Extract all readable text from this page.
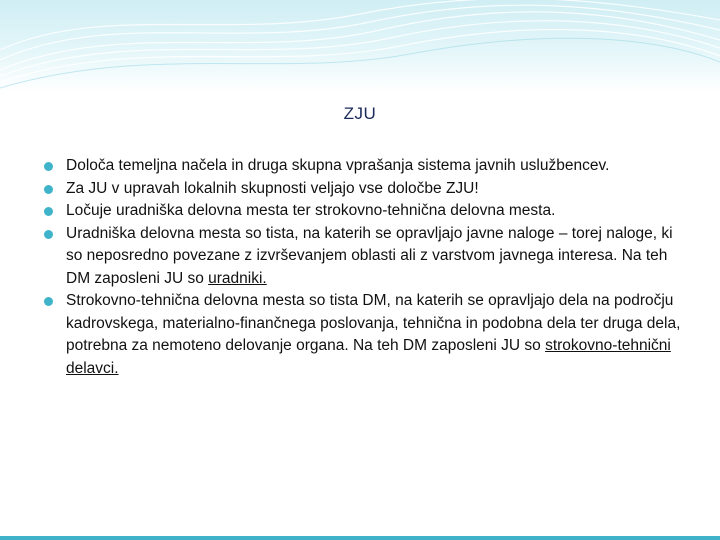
ZJU
Določa temeljna načela in druga skupna vprašanja sistema javnih uslužbencev.
Za JU v upravah lokalnih skupnosti veljajo vse določbe ZJU!
Ločuje uradniška delovna mesta ter strokovno-tehnična delovna mesta.
Uradniška delovna mesta so tista, na katerih se opravljajo javne naloge – torej naloge, ki so neposredno povezane z izvrševanjem oblasti ali z varstvom javnega interesa. Na teh DM zaposleni JU so uradniki.
Strokovno-tehnična delovna mesta so tista DM, na katerih se opravljajo dela na področju kadrovskega, materialno-finančnega poslovanja, tehnična in podobna dela ter druga dela, potrebna za nemoteno delovanje organa. Na teh DM zaposleni JU so strokovno-tehnični delavci.
